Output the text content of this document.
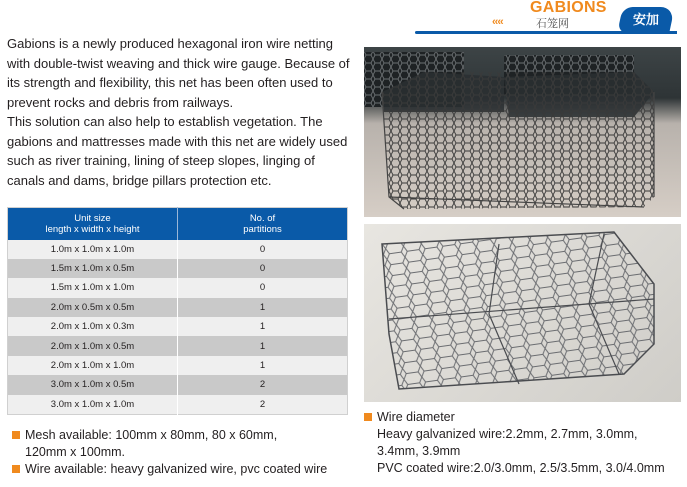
GABIONS
‹‹‹‹	石笼网	安加

Gabions is a newly produced hexagonal iron wire netting with double-twist weaving and thick wire gauge. Because of its strength and flexibility, this net has been often used to prevent rocks and debris from railways.

This solution can also help to establish vegetation. The gabions and mattresses made with this net are widely used such as river training, lining of steep slopes, linging of canals and dams, bridge pillars protection etc.

Unit size
length x width x height	No. of
partitions
1.0m x 1.0m x 1.0m	0
1.5m x 1.0m x 0.5m	0
1.5m x 1.0m x 1.0m	0
2.0m x 0.5m x 0.5m	1
2.0m x 1.0m x 0.3m	1
2.0m x 1.0m x 0.5m	1
2.0m x 1.0m x 1.0m	1
3.0m x 1.0m x 0.5m	2
3.0m x 1.0m x 1.0m	2
Mesh available: 100mm x 80mm, 80 x 60mm,
120mm x 100mm.
Wire available: heavy galvanized wire, pvc coated wire
Wire diameter
Heavy galvanized wire:2.2mm, 2.7mm, 3.0mm,
3.4mm, 3.9mm
PVC coated wire:2.0/3.0mm, 2.5/3.5mm, 3.0/4.0mm
